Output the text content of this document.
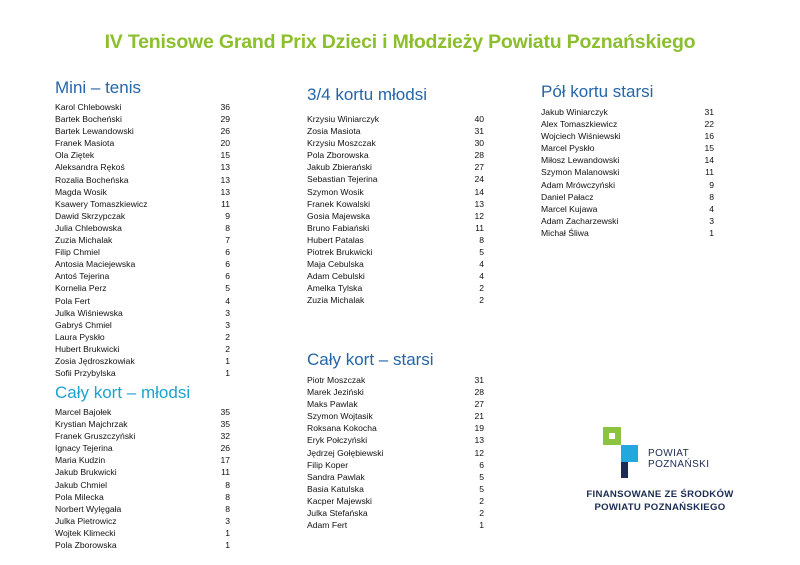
IV Tenisowe Grand Prix Dzieci i Młodzieży Powiatu Poznańskiego
Mini – tenis
Karol Chlebowski	36
Bartek Bocheński	29
Bartek Lewandowski	26
Franek Masiota	20
Ola Ziętek	15
Aleksandra Rękoś	13
Rozalia Bocheńska	13
Magda Wosik	13
Ksawery Tomaszkiewicz	11
Dawid Skrzypczak	9
Julia Chlebowska	8
Zuzia Michalak	7
Filip Chmiel	6
Antosia Maciejewska	6
Antoś Tejerina	6
Kornelia Perz	5
Pola Fert	4
Julka Wiśniewska	3
Gabryś Chmiel	3
Laura Pyskło	2
Hubert Brukwicki	2
Zosia Jędroszkowiak	1
Sofii Przybylska	1
Cały kort – młodsi
Marcel Bajołek	35
Krystian Majchrzak	35
Franek Gruszczyński	32
Ignacy Tejerina	26
Maria Kudzin	17
Jakub Brukwicki	11
Jakub Chmiel	8
Pola Milecka	8
Norbert Wylęgała	8
Julka Pietrowicz	3
Wojtek Klimecki	1
Pola Zborowska	1
3/4 kortu młodsi
Krzysiu Winiarczyk	40
Zosia Masiota	31
Krzysiu Moszczak	30
Pola Zborowska	28
Jakub Zbierański	27
Sebastian Tejerina	24
Szymon Wosik	14
Franek Kowalski	13
Gosia Majewska	12
Bruno Fabiański	11
Hubert Patalas	8
Piotrek Brukwicki	5
Maja Cebulska	4
Adam Cebulski	4
Amelka Tylska	2
Zuzia Michalak	2
Cały kort – starsi
Piotr Moszczak	31
Marek Jeziński	28
Maks Pawlak	27
Szymon Wojtasik	21
Roksana Kokocha	19
Eryk Połczyński	13
Jędrzej Gołębiewski	12
Filip Koper	6
Sandra Pawlak	5
Basia Katulska	5
Kacper Majewski	2
Julka Stefańska	2
Adam Fert	1
Pół kortu starsi
Jakub Winiarczyk	31
Alex Tomaszkiewicz	22
Wojciech Wiśniewski	16
Marcel Pyskło	15
Miłosz Lewandowski	14
Szymon Malanowski	11
Adam Mrówczyński	9
Daniel Pałacz	8
Marcel Kujawa	4
Adam Zacharzewski	3
Michał Śliwa	1
POWIAT
POZNAŃSKI
FINANSOWANE ZE ŚRODKÓW
POWIATU POZNAŃSKIEGO
